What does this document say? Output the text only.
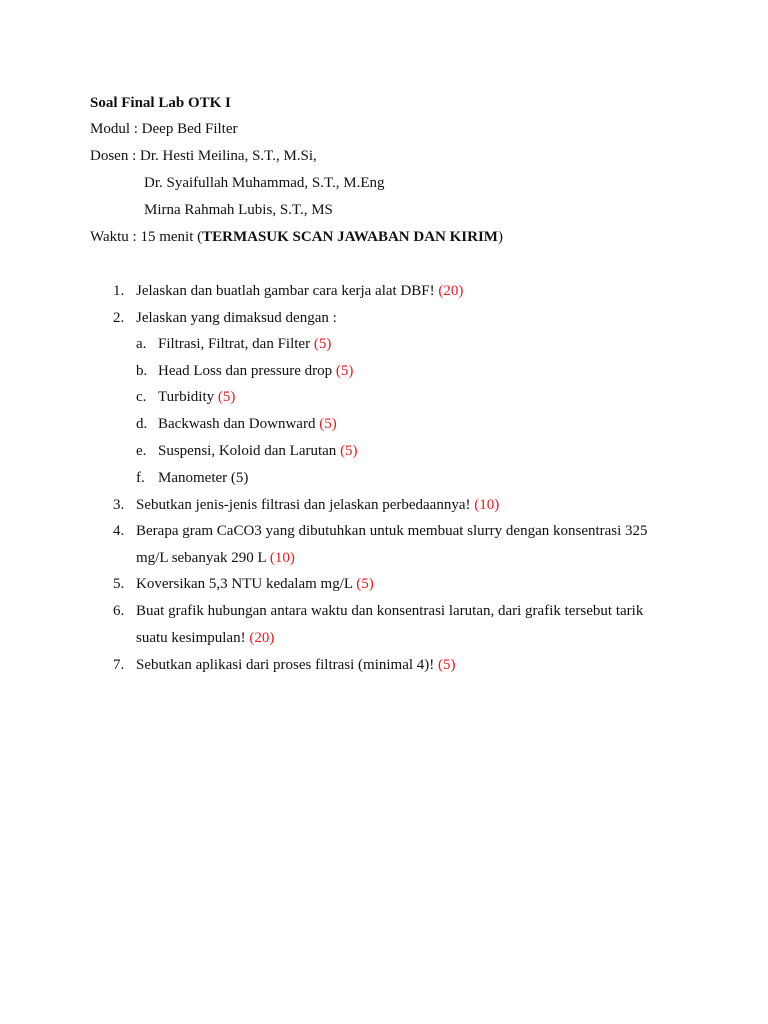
Soal Final Lab OTK I
Modul : Deep Bed Filter
Dosen : Dr. Hesti Meilina, S.T., M.Si,
Dr. Syaifullah Muhammad, S.T., M.Eng
Mirna Rahmah Lubis, S.T., MS
Waktu : 15 menit (TERMASUK SCAN JAWABAN DAN KIRIM)
1. Jelaskan dan buatlah gambar cara kerja alat DBF! (20)
2. Jelaskan yang dimaksud dengan :
a. Filtrasi, Filtrat, dan Filter (5)
b. Head Loss dan pressure drop (5)
c. Turbidity (5)
d. Backwash dan Downward (5)
e. Suspensi, Koloid dan Larutan (5)
f. Manometer (5)
3. Sebutkan jenis-jenis filtrasi dan jelaskan perbedaannya! (10)
4. Berapa gram CaCO3 yang dibutuhkan untuk membuat slurry dengan konsentrasi 325
mg/L sebanyak 290 L (10)
5. Koversikan 5,3 NTU kedalam mg/L (5)
6. Buat grafik hubungan antara waktu dan konsentrasi larutan, dari grafik tersebut tarik
suatu kesimpulan! (20)
7. Sebutkan aplikasi dari proses filtrasi (minimal 4)! (5)
